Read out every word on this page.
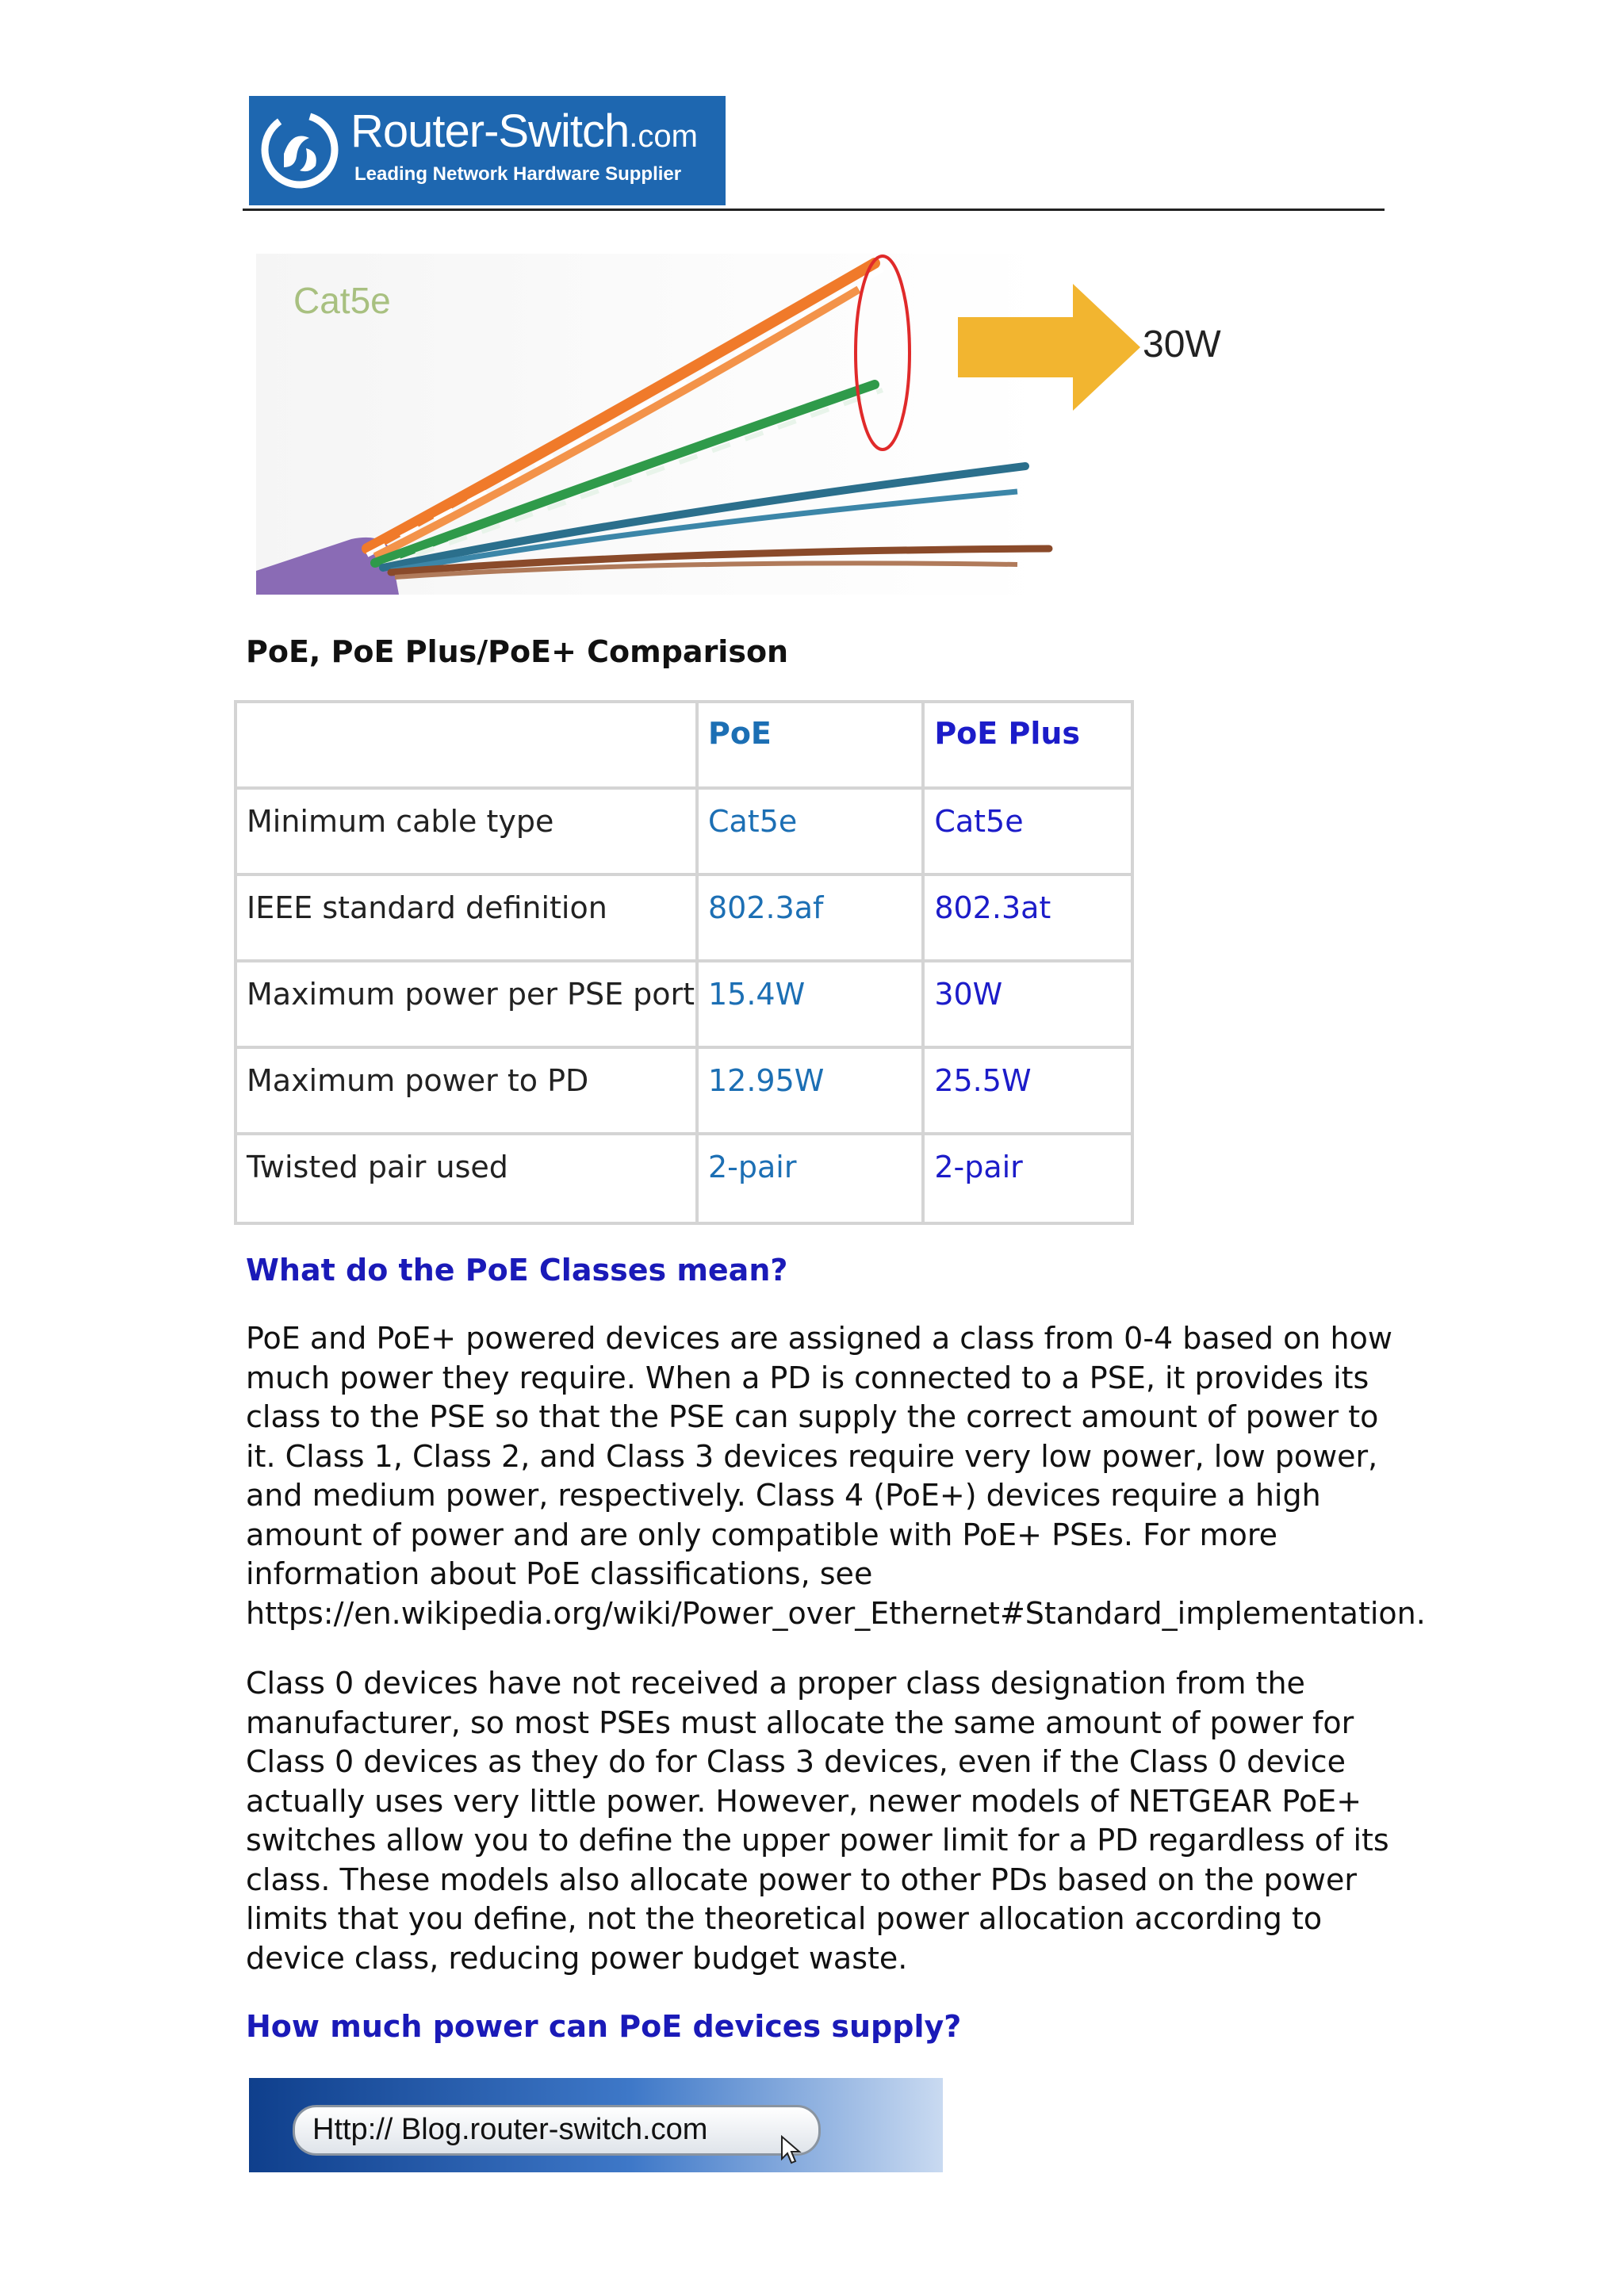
Router-Switch.com
Leading Network Hardware Supplier
Cat5e
30W
PoE, PoE Plus/PoE+ Comparison
	PoE	PoE Plus
Minimum cable type	Cat5e	Cat5e
IEEE standard definition	802.3af	802.3at
Maximum power per PSE port	15.4W	30W
Maximum power to PD	12.95W	25.5W
Twisted pair used	2-pair	2-pair
What do the PoE Classes mean?

PoE and PoE+ powered devices are assigned a class from 0-4 based on how much power they require. When a PD is connected to a PSE, it provides its class to the PSE so that the PSE can supply the correct amount of power to it. Class 1, Class 2, and Class 3 devices require very low power, low power, and medium power, respectively. Class 4 (PoE+) devices require a high amount of power and are only compatible with PoE+ PSEs. For more information about PoE classifications, see https://en.wikipedia.org/wiki/Power_over_Ethernet#Standard_implementation.

Class 0 devices have not received a proper class designation from the manufacturer, so most PSEs must allocate the same amount of power for Class 0 devices as they do for Class 3 devices, even if the Class 0 device actually uses very little power. However, newer models of NETGEAR PoE+ switches allow you to define the upper power limit for a PD regardless of its class. These models also allocate power to other PDs based on the power limits that you define, not the theoretical power allocation according to device class, reducing power budget waste.

How much power can PoE devices supply?
Http:// Blog.router-switch.com
